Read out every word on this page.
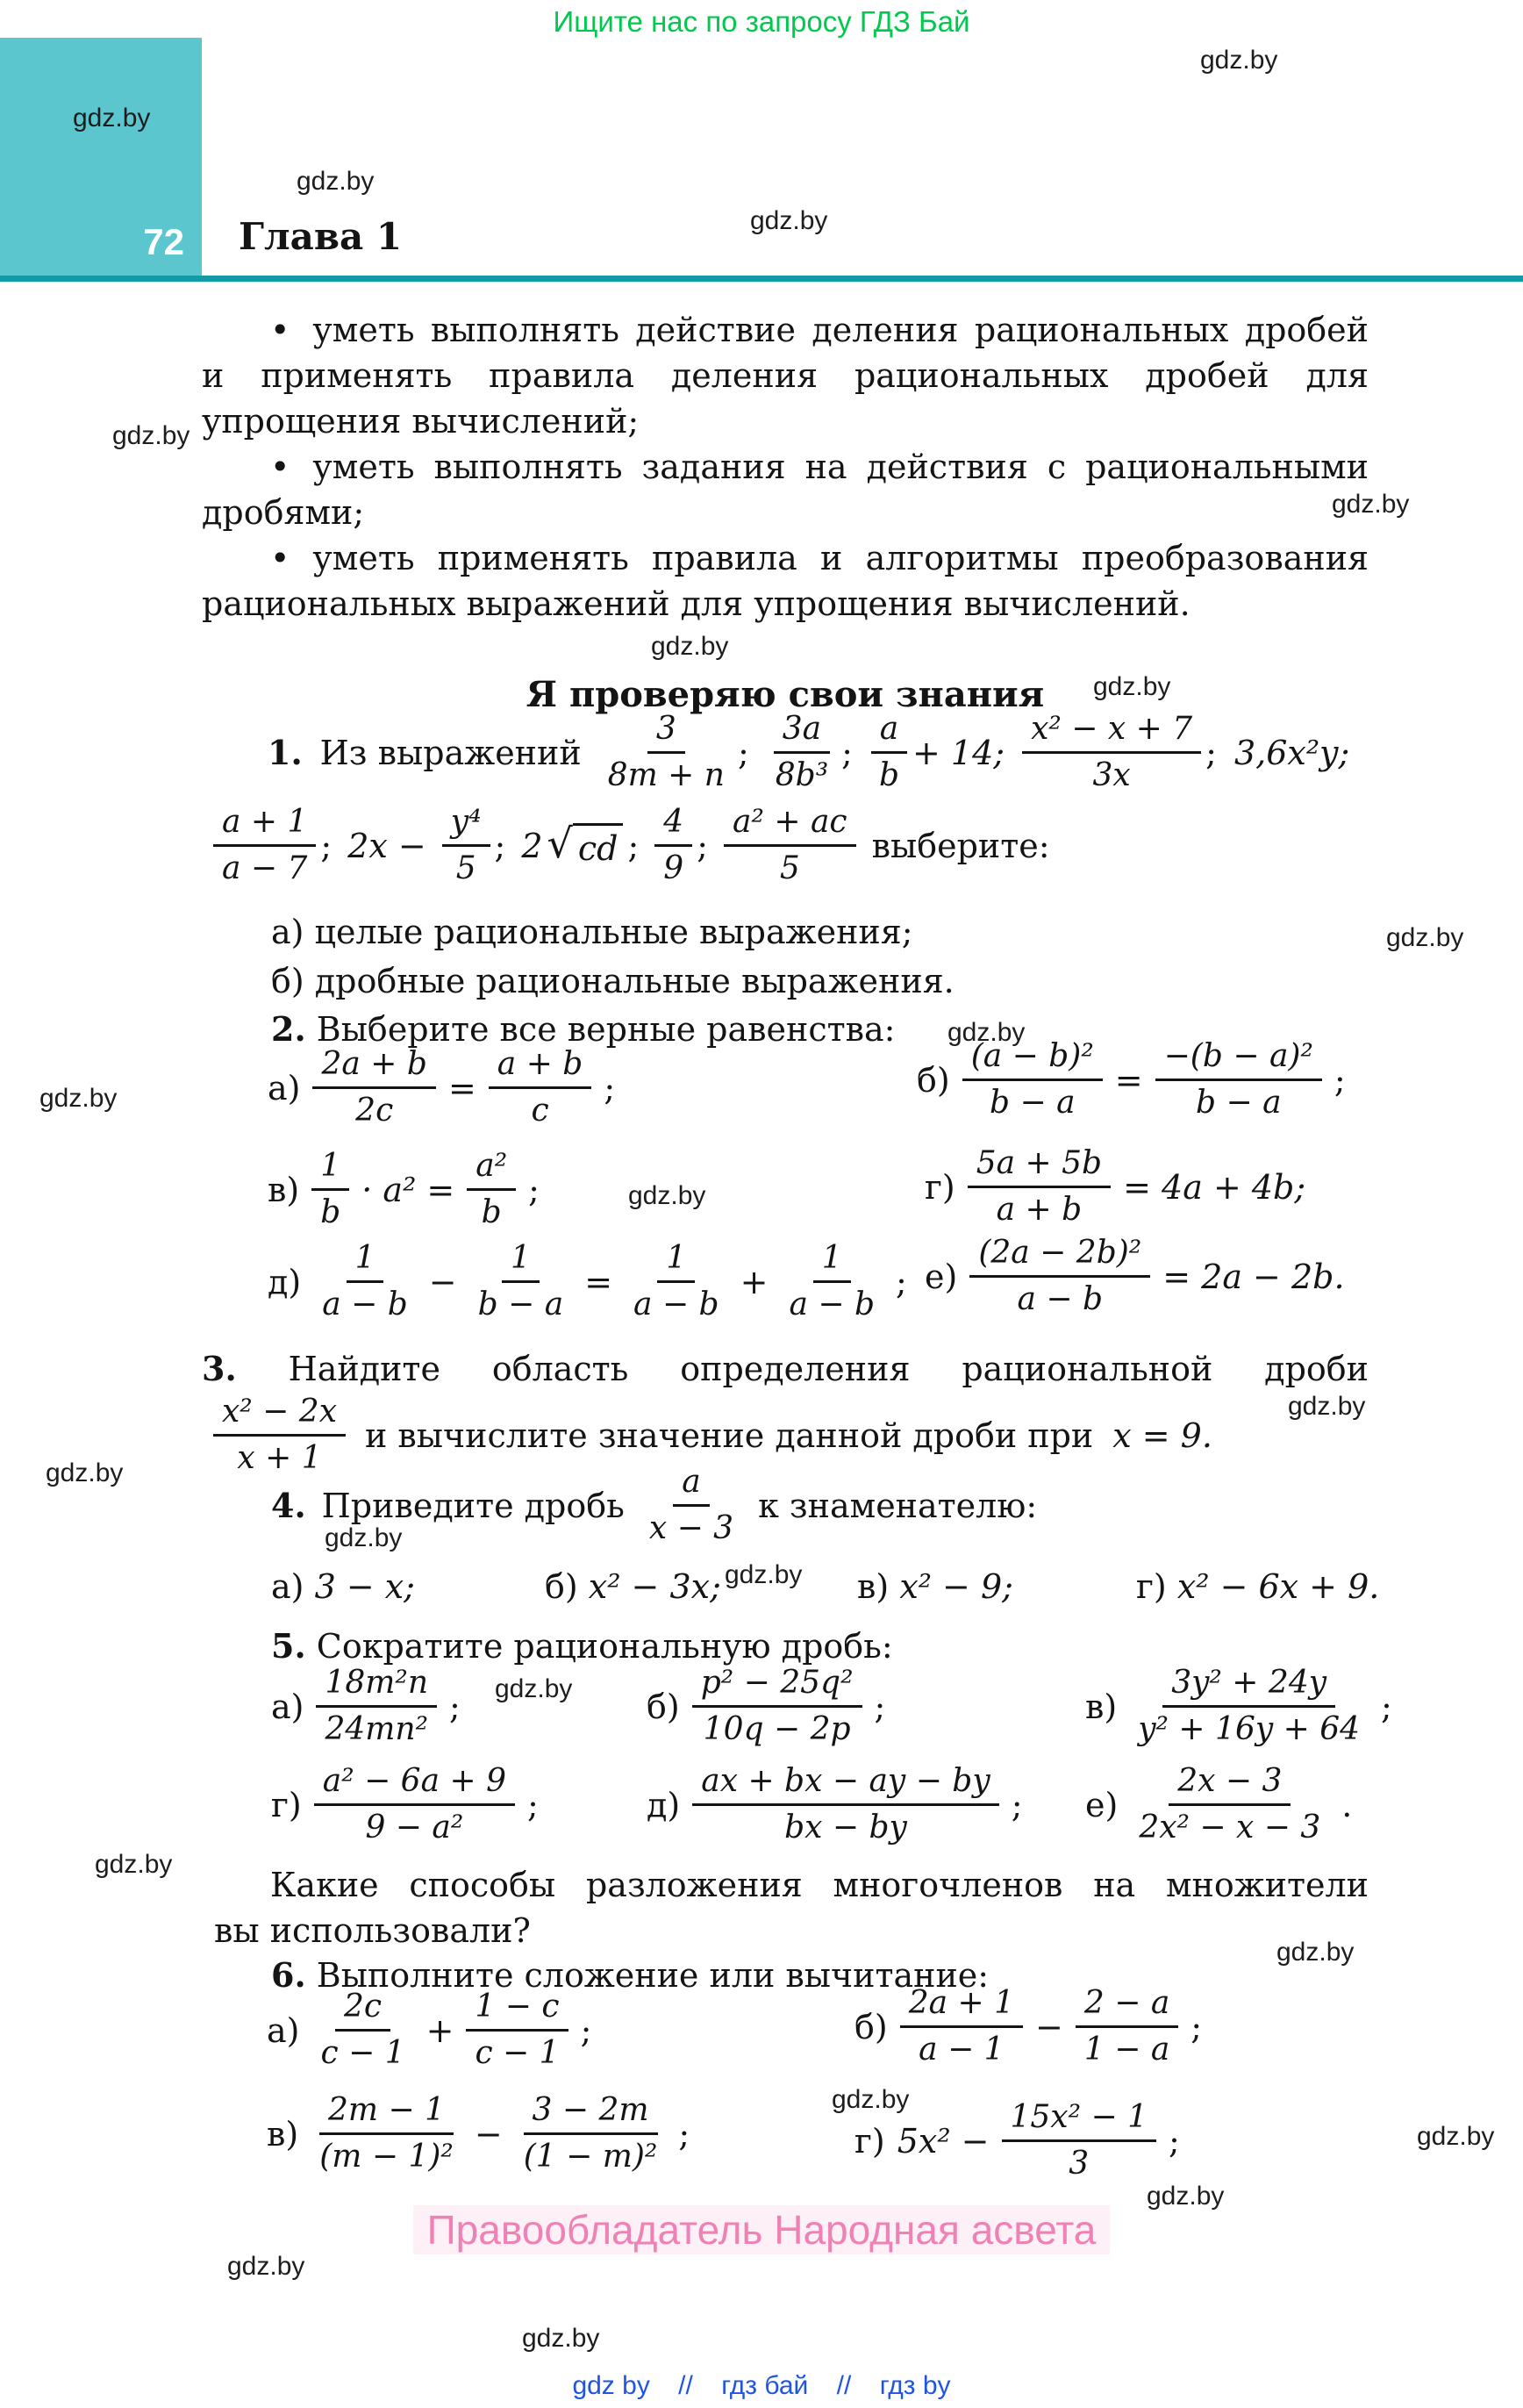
Ищите нас по запросу ГДЗ Бай
72 Глава 1

• уметь выполнять действие деления рациональных дробей и применять правила деления рациональных дробей для упрощения вычислений;

• уметь выполнять задания на действия с рациональными дробями;

• уметь применять правила и алгоритмы преобразования рациональных выражений для упрощения вычислений.

Я проверяю свои знания
1. Из выражений $\frac{3}{8m + n}$ ; $\frac{3a}{\text{8b³}}$ ; $\frac{a}{b} + 14$; $\frac{\text{x² − x + 7}}{3x}$ ; 3,6x²y;
$\frac{a + 1}{a - 7}$ ; $2x - \frac{\text{y⁴}}{5}$ ; 2 √ cd ; $\frac{4}{9}$ ; $\frac{\text{a² + ac}}{5}$ выберите:
а) целые рациональные выражения;
б) дробные рациональные выражения.
2. Выберите все верные равенства:
$а) \frac{2a + b}{2c} = \frac{a + b}{c}$ ;	$б) \frac{\text{(a − b)²}}{b - a} = \frac{\text{−(b − a)²}}{b - a}$ ;
$в) \frac{1}{b} \cdot a^2 = \frac{\text{a²}}{b}$ ;	$г) \frac{5a + 5b}{a + b} = 4a + 4b$;
$д) \frac{1}{a - b} - \frac{1}{b - a} = \frac{1}{a - b} + \frac{1}{a - b}$ ; $е) \frac{\text{(2a − 2b)²}}{a - b} = 2a - 2b$.
3. Найдите область определения рациональной дроби
$\frac{\text{x² − 2x}}{x + 1}$ и вычислите значение данной дроби при x = 9.
4. Приведите дробь $\frac{a}{x - 3}$ к знаменателю:
а) 3 − x;	б) x² − 3x;	в) x² − 9;	г) x² − 6x + 9.
5. Сократите рациональную дробь:
$а) \frac{\text{18m²n}}{\text{24mn²}}$ ;	$б) \frac{\text{p² − 25q²}}{10q - 2p}$ ;	$в) \frac{\text{3y² + 24y}}{\text{y² + 16y + 64}}$ ;
$г) \frac{\text{a² − 6a + 9}}{\text{9 − a²}}$ ;	$д) \frac{ax + bx - ay - by}{bx - by}$ ; $е) \frac{2x - 3}{\text{2x² − x − 3}}$ .
Какие способы разложения многочленов на множители
вы использовали?
6. Выполните сложение или вычитание:
$а) \frac{2c}{c - 1} + \frac{1 - c}{c - 1}$ ;	$б) \frac{2a + 1}{a - 1} - \frac{2 - a}{1 - a}$ ;
$в) \frac{2m - 1}{\text{(m − 1)²}} - \frac{3 - 2m}{\text{(1 − m)²}}$ ;	г) $5x^2 - \frac{\text{15x² − 1}}{3}$ ;
Правообладатель Народная асвета
gdz by // гдз бай // гдз by
gdz.by
gdz.by
gdz.by
gdz.by
gdz.by
gdz.by
gdz.by
gdz.by
gdz.by
gdz.by
gdz.by
gdz.by
gdz.by
gdz.by
gdz.by
gdz.by
gdz.by
gdz.by
gdz.by
gdz.by
gdz.by
gdz.by
gdz.by
gdz.by
